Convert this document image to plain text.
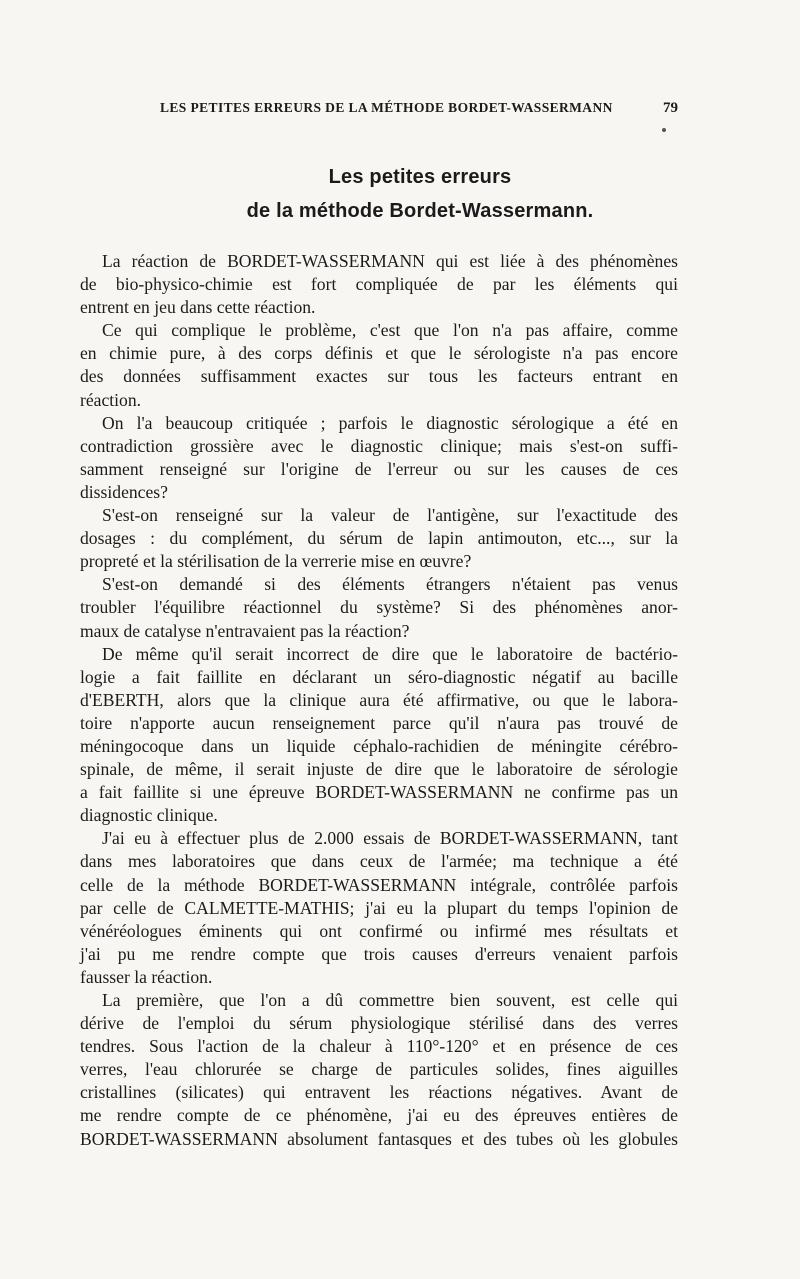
LES PETITES ERREURS DE LA MÉTHODE BORDET-WASSERMANN	79
Les petites erreurs
de la méthode Bordet-Wassermann.
La réaction de BORDET-WASSERMANN qui est liée à des phénomènes
de bio-physico-chimie est fort compliquée de par les éléments qui
entrent en jeu dans cette réaction.
Ce qui complique le problème, c'est que l'on n'a pas affaire, comme
en chimie pure, à des corps définis et que le sérologiste n'a pas encore
des données suffisamment exactes sur tous les facteurs entrant en
réaction.
On l'a beaucoup critiquée ; parfois le diagnostic sérologique a été en
contradiction grossière avec le diagnostic clinique; mais s'est-on suffi-
samment renseigné sur l'origine de l'erreur ou sur les causes de ces
dissidences?
S'est-on renseigné sur la valeur de l'antigène, sur l'exactitude des
dosages : du complément, du sérum de lapin antimouton, etc..., sur la
propreté et la stérilisation de la verrerie mise en œuvre?
S'est-on demandé si des éléments étrangers n'étaient pas venus
troubler l'équilibre réactionnel du système? Si des phénomènes anor-
maux de catalyse n'entravaient pas la réaction?
De même qu'il serait incorrect de dire que le laboratoire de bactério-
logie a fait faillite en déclarant un séro-diagnostic négatif au bacille
d'EBERTH, alors que la clinique aura été affirmative, ou que le labora-
toire n'apporte aucun renseignement parce qu'il n'aura pas trouvé de
méningocoque dans un liquide céphalo-rachidien de méningite cérébro-
spinale, de même, il serait injuste de dire que le laboratoire de sérologie
a fait faillite si une épreuve BORDET-WASSERMANN ne confirme pas un
diagnostic clinique.
J'ai eu à effectuer plus de 2.000 essais de BORDET-WASSERMANN, tant
dans mes laboratoires que dans ceux de l'armée; ma technique a été
celle de la méthode BORDET-WASSERMANN intégrale, contrôlée parfois
par celle de CALMETTE-MATHIS; j'ai eu la plupart du temps l'opinion de
vénéréologues éminents qui ont confirmé ou infirmé mes résultats et
j'ai pu me rendre compte que trois causes d'erreurs venaient parfois
fausser la réaction.
La première, que l'on a dû commettre bien souvent, est celle qui
dérive de l'emploi du sérum physiologique stérilisé dans des verres
tendres. Sous l'action de la chaleur à 110°-120° et en présence de ces
verres, l'eau chlorurée se charge de particules solides, fines aiguilles
cristallines (silicates) qui entravent les réactions négatives. Avant de
me rendre compte de ce phénomène, j'ai eu des épreuves entières de
BORDET-WASSERMANN absolument fantasques et des tubes où les globules
